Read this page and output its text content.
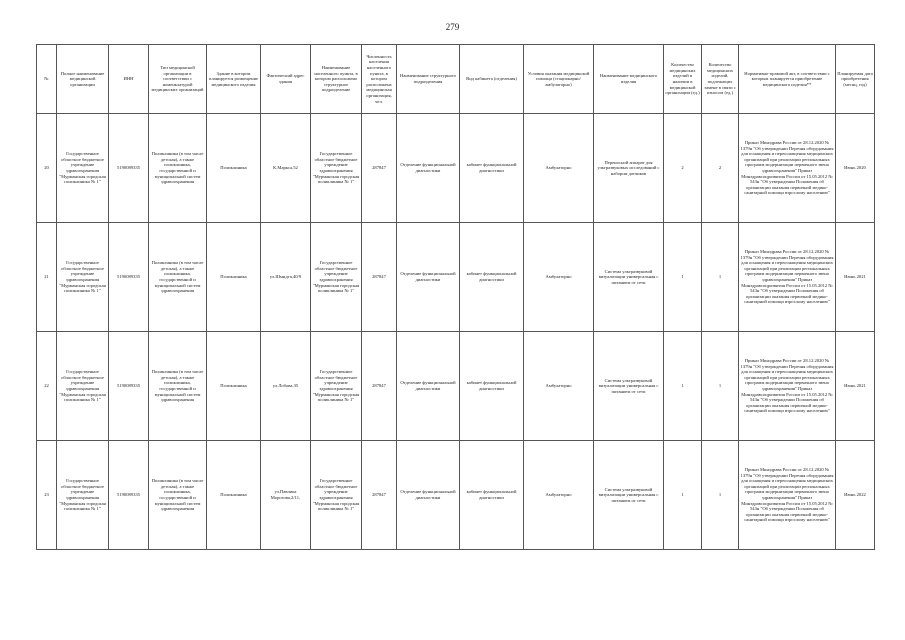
279
№	Полное наименование медицинской организации	ИНН	Тип медицинской организации в соответствии с номенклатурой медицинских организаций	Здание в котором планируется размещение медицинского изделия	Фактический адрес здания	Наименование населенного пункта, в котором расположено структурное подразделение	Численность населения населенного пункта, в котором расположена медицинская организация, чел.	Наименование структурного подразделения	Вид кабинета (отделения)	Условия оказания медицинской помощи (стационарно/амбулаторно)	Наименование медицинского изделия	Количество медицинских изделий в наличии в медицинской организации (ед.)	Количество медицинских изделий, подлежащих замене в связи с износом (ед.)	Нормативно-правовой акт, в соответствии с которым планируется приобретение медицинского изделия**	Планируемая дата приобретения (месяц, год)
20	Государственное областное бюджетное учреждение здравоохранения "Мурманская городская поликлиника № 1"	5190089335	Поликлиника (в том числе детская), а также поликлиника, государственной и муниципальной систем здравоохранения	Поликлиника	К.Маркса,52	Государственное областное бюджетное учреждение здравоохранения "Мурманская городская поликлиника № 1"	287847	Отделение функциональной диагностики	кабинет функциональной диагностики	Амбулаторно	Переносной аппарат для ультразвуковых исследований с набором датчиков	2	2	Приказ Минздрава России от 28.12.2020 № 1379н "Об утверждении Перечня оборудования для оснащения и переоснащения медицинских организаций при реализации региональных программ модернизации первичного звена здравоохранения" Приказ Минздравсоцразвития России от 15.05.2012 № 543н "Об утверждении Положения об организации оказания первичной медико-санитарной помощи взрослому населению"	Июнь 2020
21	Государственное областное бюджетное учреждение здравоохранения "Мурманская городская поликлиника № 1"	5190089335	Поликлиника (в том числе детская), а также поликлиника, государственной и муниципальной систем здравоохранения	Поликлиника	ул.Шмидта,40/9	Государственное областное бюджетное учреждение здравоохранения "Мурманская городская поликлиника № 1"	287847	Отделение функциональной диагностики	кабинет функциональной диагностики	Амбулаторно	Система ультразвуковой визуализации универсальная с питанием от сети	1	1	Приказ Минздрава России от 28.12.2020 № 1379н "Об утверждении Перечня оборудования для оснащения и переоснащения медицинских организаций при реализации региональных программ модернизации первичного звена здравоохранения" Приказ Минздравсоцразвития России от 15.05.2012 № 543н "Об утверждении Положения об организации оказания первичной медико-санитарной помощи взрослому населению"	Июнь 2021
22	Государственное областное бюджетное учреждение здравоохранения "Мурманская городская поликлиника № 1"	5190089335	Поликлиника (в том числе детская), а также поликлиника, государственной и муниципальной систем здравоохранения	Поликлиника	ул.Лобова,35	Государственное областное бюджетное учреждение здравоохранения "Мурманская городская поликлиника № 1"	287847	Отделение функциональной диагностики	кабинет функциональной диагностики	Амбулаторно	Система ультразвуковой визуализации универсальная с питанием от сети	1	1	Приказ Минздрава России от 28.12.2020 № 1379н "Об утверждении Перечня оборудования для оснащения и переоснащения медицинских организаций при реализации региональных программ модернизации первичного звена здравоохранения" Приказ Минздравсоцразвития России от 15.05.2012 № 543н "Об утверждении Положения об организации оказания первичной медико-санитарной помощи взрослому населению"	Июнь 2021
23	Государственное областное бюджетное учреждение здравоохранения "Мурманская городская поликлиника № 1"	5190089335	Поликлиника (в том числе детская), а также поликлиника, государственной и муниципальной систем здравоохранения	Поликлиника	ул.Павлика Морозова,2/11,	Государственное областное бюджетное учреждение здравоохранения "Мурманская городская поликлиника № 1"	287847	Отделение функциональной диагностики	кабинет функциональной диагностики	Амбулаторно	Система ультразвуковой визуализации универсальная с питанием от сети	1	1	Приказ Минздрава России от 28.12.2020 № 1379н "Об утверждении Перечня оборудования для оснащения и переоснащения медицинских организаций при реализации региональных программ модернизации первичного звена здравоохранения" Приказ Минздравсоцразвития России от 15.05.2012 № 543н "Об утверждении Положения об организации оказания первичной медико-санитарной помощи взрослому населению"	Июнь 2022
